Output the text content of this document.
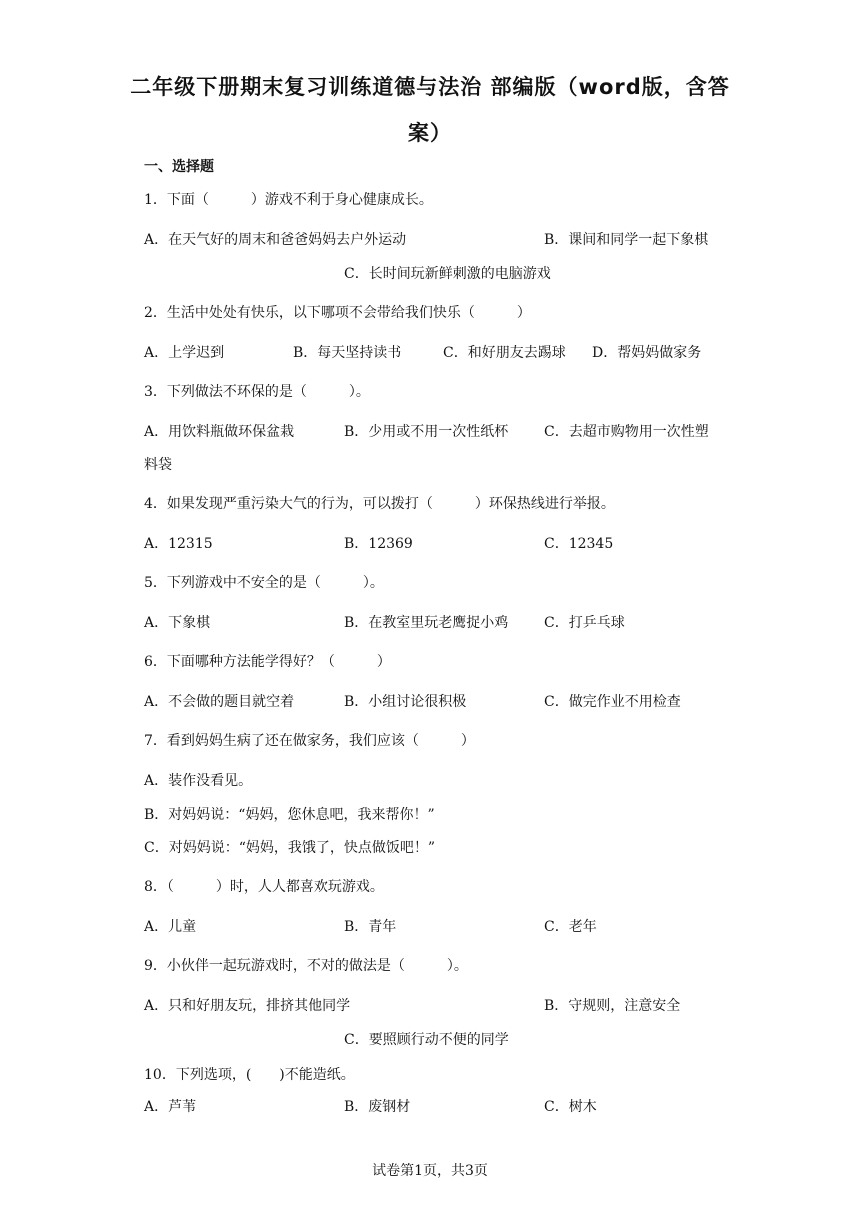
二年级下册期末复习训练道德与法治 部编版（word版，含答
案）
一、选择题
1．下面（　　　）游戏不利于身心健康成长。
A．在天气好的周末和爸爸妈妈去户外运动	B．课间和同学一起下象棋
C．长时间玩新鲜刺激的电脑游戏
2．生活中处处有快乐，以下哪项不会带给我们快乐（　　　）
A．上学迟到	B．每天坚持读书	C．和好朋友去踢球 D．帮妈妈做家务
3．下列做法不环保的是（　　　）。
A．用饮料瓶做环保盆栽	B．少用或不用一次性纸杯	C．去超市购物用一次性塑
料袋
4．如果发现严重污染大气的行为，可以拨打（　　　）环保热线进行举报。
A．12315	B．12369	C．12345
5．下列游戏中不安全的是（　　　）。
A．下象棋	B．在教室里玩老鹰捉小鸡	C．打乒乓球
6．下面哪种方法能学得好？（　　　）
A．不会做的题目就空着	B．小组讨论很积极	C．做完作业不用检查
7．看到妈妈生病了还在做家务，我们应该（　　　）
A．装作没看见。
B．对妈妈说：“妈妈，您休息吧，我来帮你！”
C．对妈妈说：“妈妈，我饿了，快点做饭吧！”
8．（　　　）时，人人都喜欢玩游戏。
A．儿童	B．青年	C．老年
9．小伙伴一起玩游戏时，不对的做法是（　　　）。
A．只和好朋友玩，排挤其他同学	B．守规则，注意安全
C．要照顾行动不便的同学
10．下列选项，(　　)不能造纸。
A．芦苇	B．废钢材	C．树木
试卷第1页，共3页
